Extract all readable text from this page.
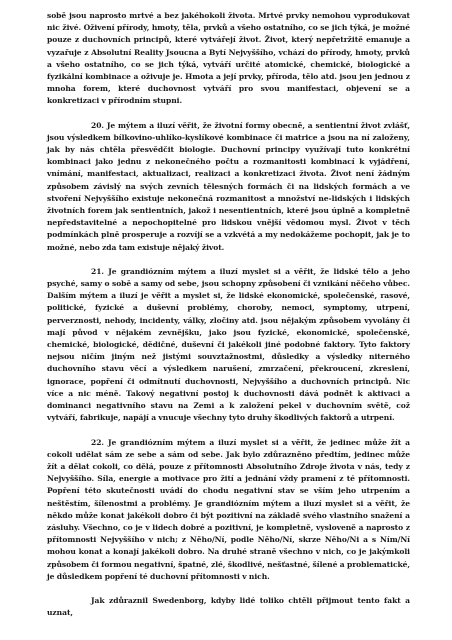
sobě jsou naprosto mrtvé a bez jakéhokoli života. Mrtvé prvky nemohou vyprodukovat nic živé. Oživení přírody, hmoty, těla, prvků a všeho ostatního, co se jich týká, je možné pouze z duchovních principů, které vytvářejí život. Život, který nepřetržitě emanuje a vyzařuje z Absolutní Reality Jsoucna a Bytí Nejvyššího, vchází do přírody, hmoty, prvků a všeho ostatního, co se jich týká, vytváří určité atomické, chemické, biologické a fyzikální kombinace a oživuje je. Hmota a její prvky, příroda, tělo atd. jsou jen jednou z mnoha forem, které duchovnost vytváří pro svou manifestaci, objevení se a konkretizaci v přírodním stupni.

20. Je mýtem a iluzí věřit, že životní formy obecně, a sentientní život zvlášť, jsou výsledkem bílkovino-uhlíko-kyslíkové kombinace či matrice a jsou na ní založeny, jak by nás chtěla přesvědčit biologie. Duchovní principy využívají tuto konkrétní kombinaci jako jednu z nekonečného počtu a rozmanitosti kombinací k vyjádření, vnímání, manifestaci, aktualizaci, realizaci a konkretizaci života. Život není žádným způsobem závislý na svých zevních tělesných formách či na lidských formách a ve stvoření Nejvyššího existuje nekonečná rozmanitost a množství ne-lidských i lidských životních forem jak sentientních, jakož i nesentientních, které jsou úplně a kompletně nepředstavitelné a nepochopitelné pro lidskou vnější vědomou mysl. Život v těch podmínkách plně prosperuje a rozvíjí se a vzkvétá a my nedokážeme pochopit, jak je to možné, nebo zda tam existuje nějaký život.

21. Je grandiózním mýtem a iluzí myslet si a věřit, že lidské tělo a jeho psyché, samy o sobě a samy od sebe, jsou schopny způsobení či vznikání něčeho vůbec. Dalším mýtem a iluzí je věřit a myslet si, že lidské ekonomické, společenské, rasové, politické, fyzické a duševní problémy, choroby, nemoci, symptomy, utrpení, perverznosti, nehody, incidenty, války, zločiny atd. jsou nějakým způsobem vyvolány či mají původ v nějakém zevnějšku, jako jsou fyzické, ekonomické, společenské, chemické, biologické, dědičné, duševní či jakékoli jiné podobné faktory. Tyto faktory nejsou ničím jiným než jistými souvztažnostmi, důsledky a výsledky niterného duchovního stavu věcí a výsledkem narušení, zmrzačení, překroucení, zkreslení, ignorace, popření či odmítnutí duchovnosti, Nejvyššího a duchovních principů. Nic více a nic méně. Takový negativní postoj k duchovnosti dává podnět k aktivaci a dominanci negativního stavu na Zemi a k založení pekel v duchovním světě, což vytváří, fabrikuje, napájí a vnucuje všechny tyto druhy škodlivých faktorů a utrpení.

22. Je grandiózním mýtem a iluzí myslet si a věřit, že jedinec může žít a cokoli udělat sám ze sebe a sám od sebe. Jak bylo zdůrazněno předtím, jedinec může žít a dělat cokoli, co dělá, pouze z přítomnosti Absolutního Zdroje života v nás, tedy z Nejvyššího. Síla, energie a motivace pro žití a jednání vždy pramení z té přítomnosti. Popření této skutečnosti uvádí do chodu negativní stav se vším jeho utrpením a neštěstím, šílenostmi a problémy. Je grandiózním mýtem a iluzí myslet si a věřit, že někdo může konat jakékoli dobro či být pozitivní na základě svého vlastního snažení a zásluhy. Všechno, co je v lidech dobré a pozitivní, je kompletně, vysloveně a naprosto z přítomnosti Nejvyššího v nich; z Něho/Ní, podle Něho/Ní, skrze Něho/Ni a s Ním/Ní mohou konat a konají jakékoli dobro. Na druhé straně všechno v nich, co je jakýmkoli způsobem či formou negativní, špatné, zlé, škodlivé, nešťastné, šílené a problematické, je důsledkem popření té duchovní přítomnosti v nich.

Jak zdůraznil Swedenborg, kdyby lidé toliko chtěli přijmout tento fakt a uznat,
